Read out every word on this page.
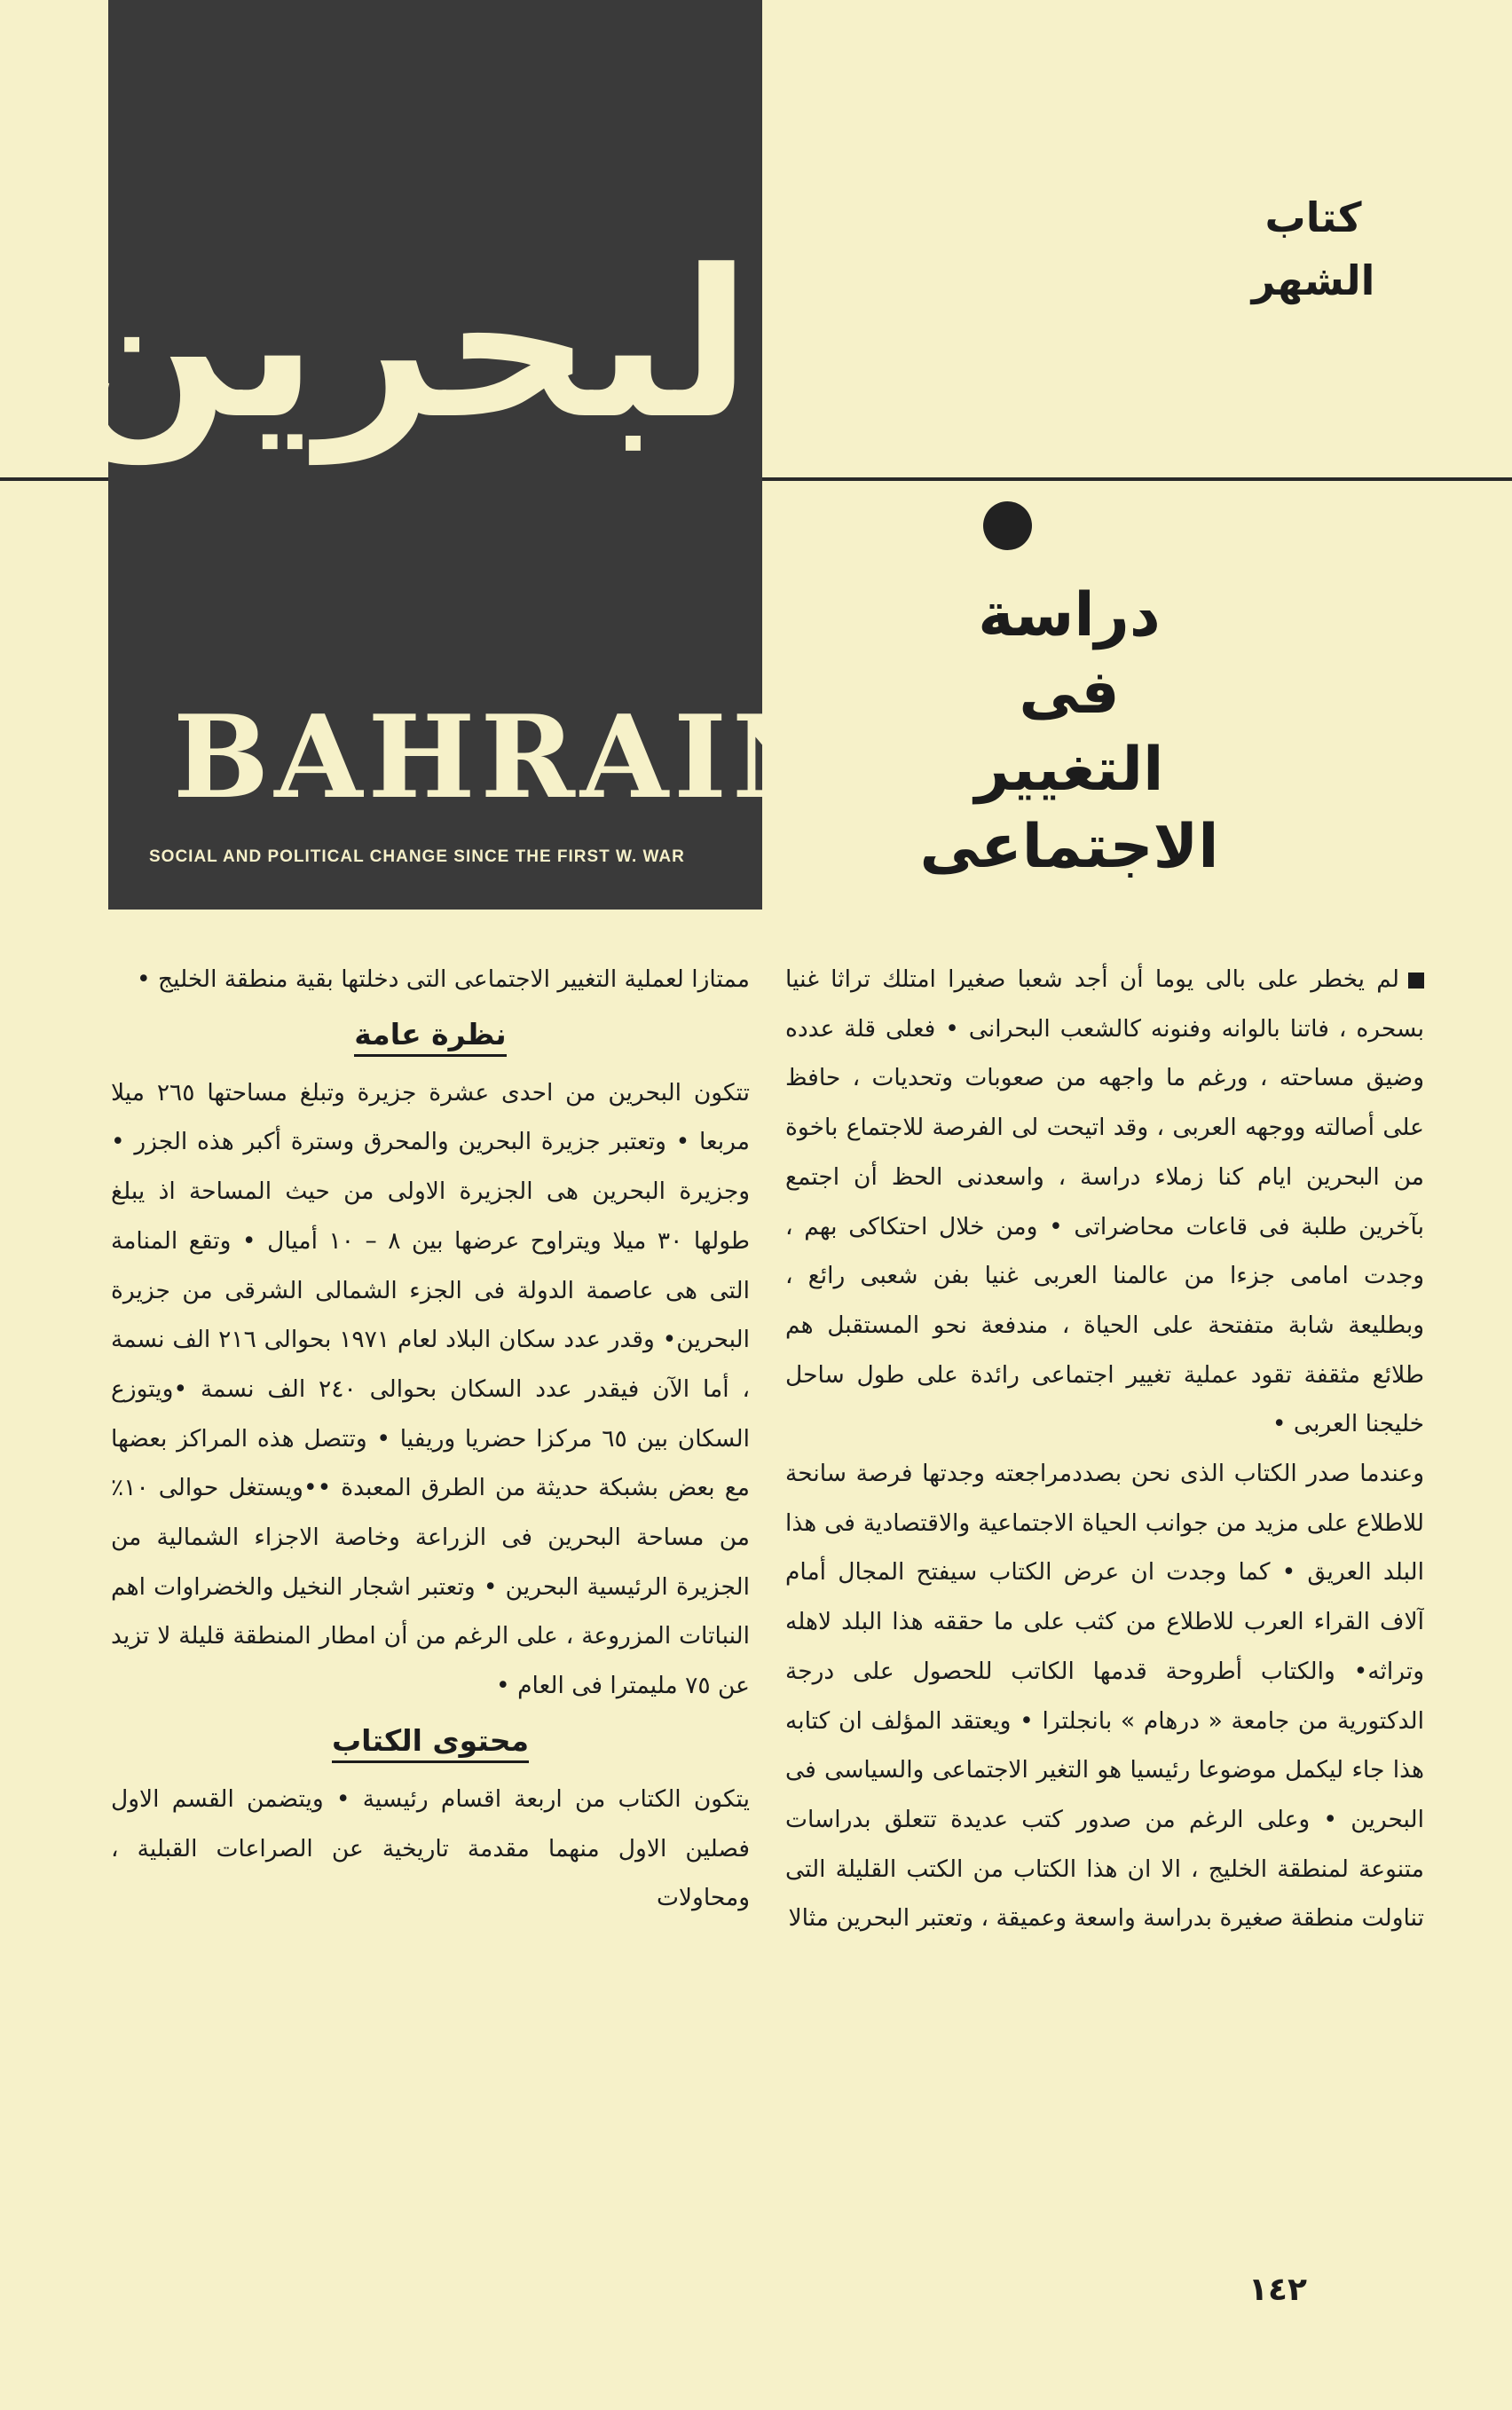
البحرين
BAHRAIN
SOCIAL AND POLITICAL CHANGE SINCE THE FIRST W. WAR
كتاب
الشهر
دراسة
فى
التغيير
الاجتماعى

لم يخطر على بالى يوما أن أجد شعبا صغيرا امتلك تراثا غنيا بسحره ، فاتنا بالوانه وفنونه كالشعب البحرانى • فعلى قلة عدده وضيق مساحته ، ورغم ما واجهه من صعوبات وتحديات ، حافظ على أصالته ووجهه العربى ، وقد اتيحت لى الفرصة للاجتماع باخوة من البحرين ايام كنا زملاء دراسة ، واسعدنى الحظ أن اجتمع بآخرين طلبة فى قاعات محاضراتى • ومن خلال احتكاكى بهم ، وجدت امامى جزءا من عالمنا العربى غنيا بفن شعبى رائع ، وبطليعة شابة متفتحة على الحياة ، مندفعة نحو المستقبل هم طلائع مثقفة تقود عملية تغيير اجتماعى رائدة على طول ساحل خليجنا العربى •

وعندما صدر الكتاب الذى نحن بصددمراجعته وجدتها فرصة سانحة للاطلاع على مزيد من جوانب الحياة الاجتماعية والاقتصادية فى هذا البلد العريق • كما وجدت ان عرض الكتاب سيفتح المجال أمام آلاف القراء العرب للاطلاع من كثب على ما حققه هذا البلد لاهله وتراثه• والكتاب أطروحة قدمها الكاتب للحصول على درجة الدكتورية من جامعة « درهام » بانجلترا • ويعتقد المؤلف ان كتابه هذا جاء ليكمل موضوعا رئيسيا هو التغير الاجتماعى والسياسى فى البحرين • وعلى الرغم من صدور كتب عديدة تتعلق بدراسات متنوعة لمنطقة الخليج ، الا ان هذا الكتاب من الكتب القليلة التى تناولت منطقة صغيرة بدراسة واسعة وعميقة ، وتعتبر البحرين مثالا

ممتازا لعملية التغيير الاجتماعى التى دخلتها بقية منطقة الخليج •

نظرة عامة

تتكون البحرين من احدى عشرة جزيرة وتبلغ مساحتها ٢٦٥ ميلا مربعا • وتعتبر جزيرة البحرين والمحرق وسترة أكبر هذه الجزر • وجزيرة البحرين هى الجزيرة الاولى من حيث المساحة اذ يبلغ طولها ٣٠ ميلا ويتراوح عرضها بين ٨ – ١٠ أميال • وتقع المنامة التى هى عاصمة الدولة فى الجزء الشمالى الشرقى من جزيرة البحرين• وقدر عدد سكان البلاد لعام ١٩٧١ بحوالى ٢١٦ الف نسمة ، أما الآن فيقدر عدد السكان بحوالى ٢٤٠ الف نسمة •ويتوزع السكان بين ٦٥ مركزا حضريا وريفيا • وتتصل هذه المراكز بعضها مع بعض بشبكة حديثة من الطرق المعبدة ••ويستغل حوالى ١٠٪ من مساحة البحرين فى الزراعة وخاصة الاجزاء الشمالية من الجزيرة الرئيسية البحرين • وتعتبر اشجار النخيل والخضراوات اهم النباتات المزروعة ، على الرغم من أن امطار المنطقة قليلة لا تزيد عن ٧٥ مليمترا فى العام •

محتوى الكتاب

يتكون الكتاب من اربعة اقسام رئيسية • ويتضمن القسم الاول فصلين الاول منهما مقدمة تاريخية عن الصراعات القبلية ، ومحاولات

١٤٢
